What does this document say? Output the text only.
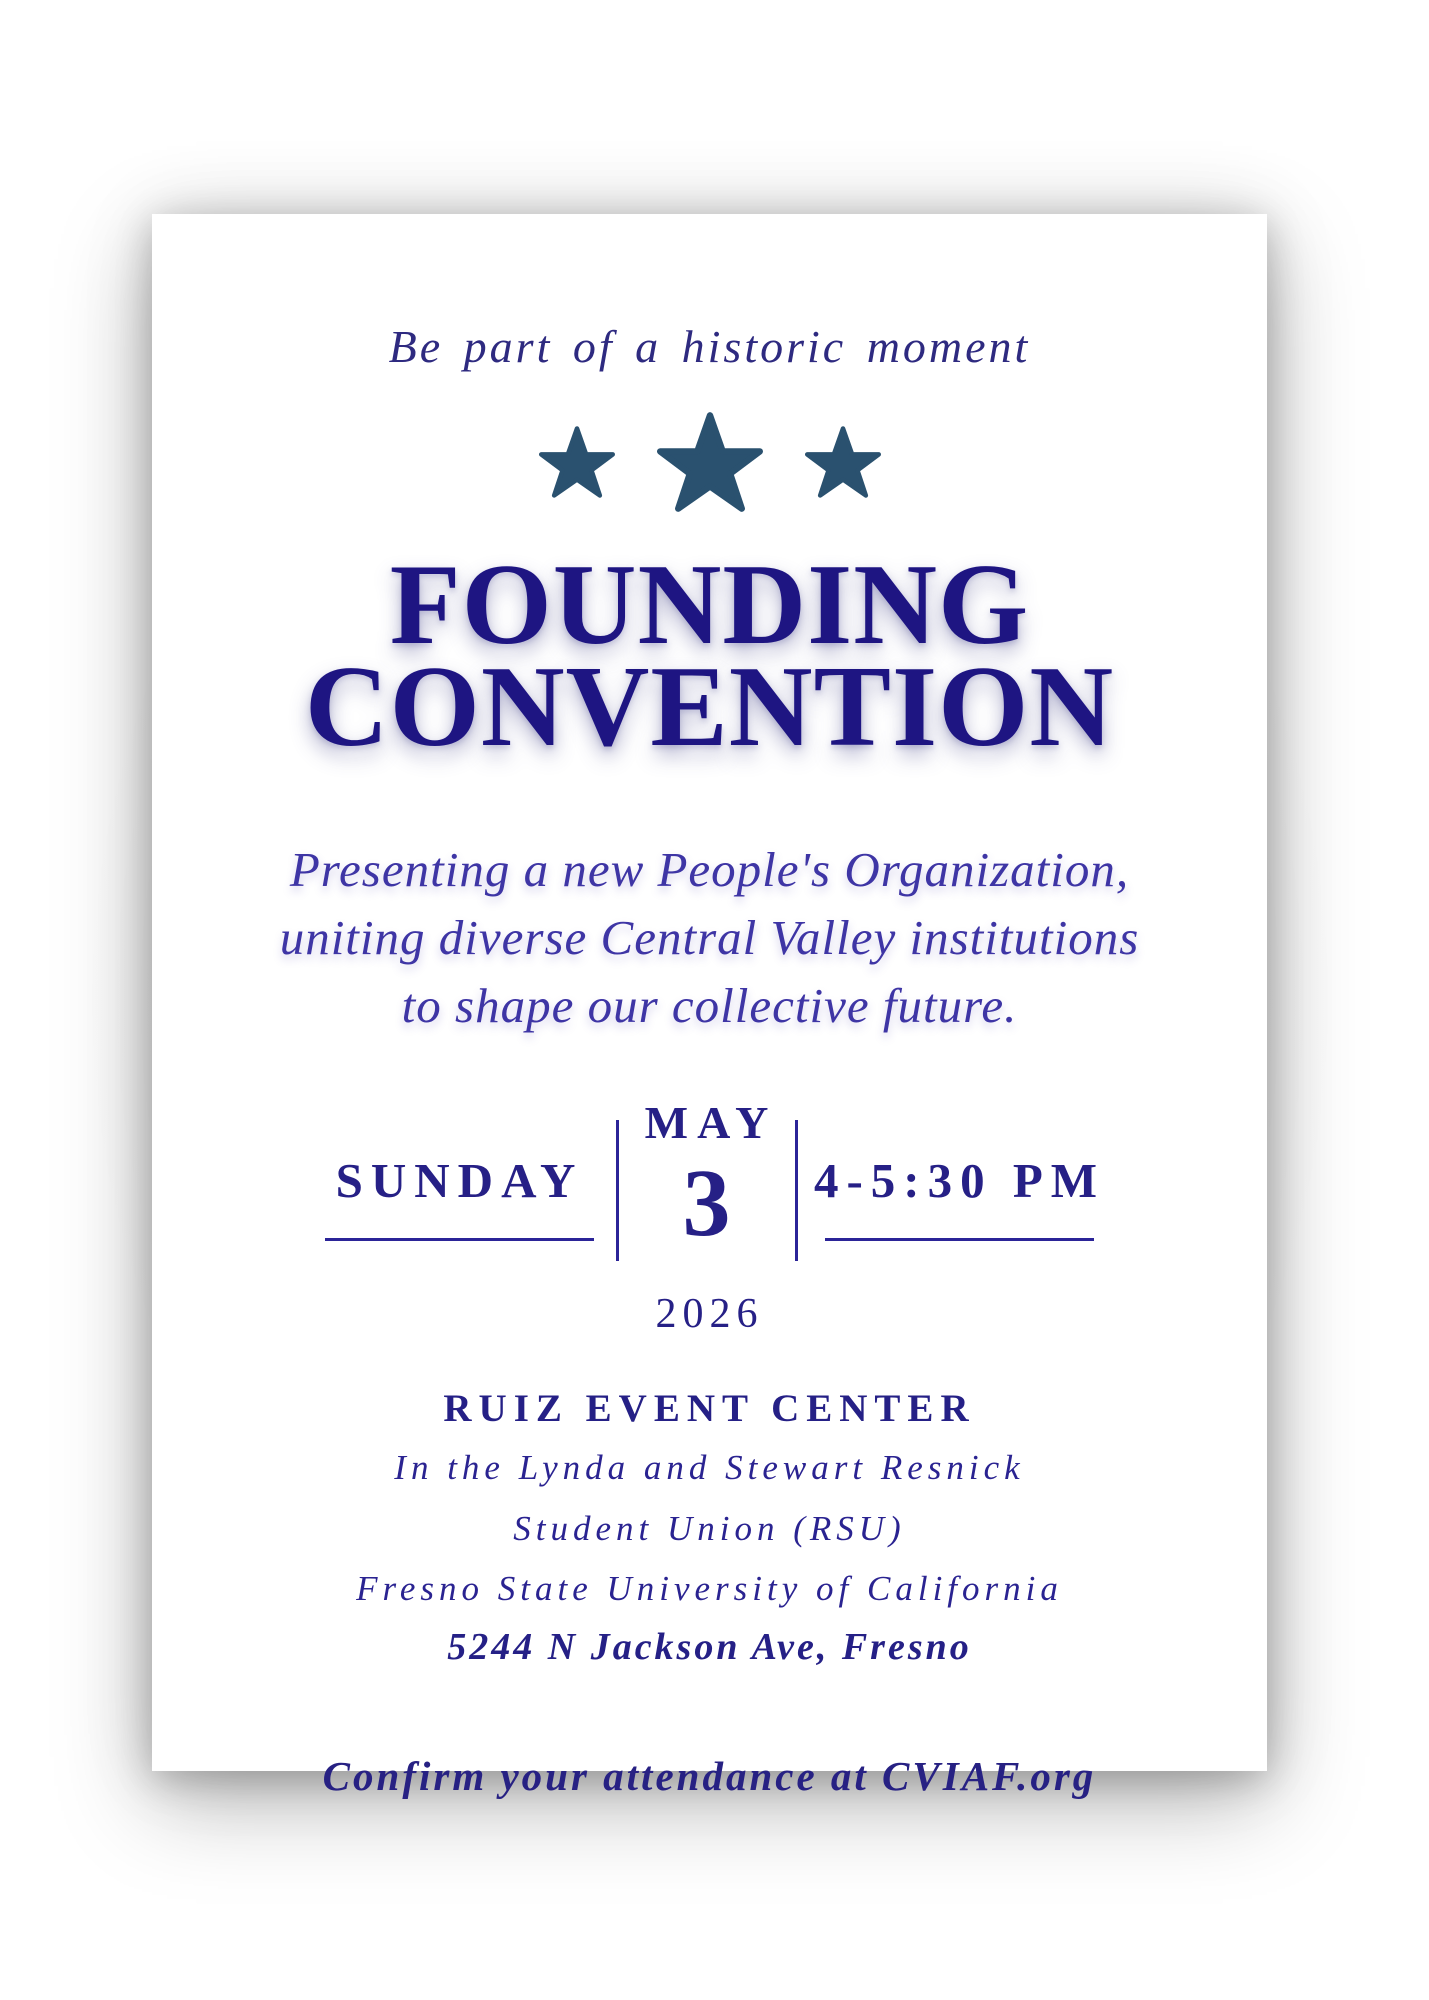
Be part of a historic moment
FOUNDING
CONVENTION
Presenting a new People's Organization,
uniting diverse Central Valley institutions
to shape our collective future.
SUNDAY
MAY
3
2026
4-5:30 PM
RUIZ EVENT CENTER
In the Lynda and Stewart Resnick
Student Union (RSU)
Fresno State University of California
5244 N Jackson Ave, Fresno
Confirm your attendance at CVIAF.org
